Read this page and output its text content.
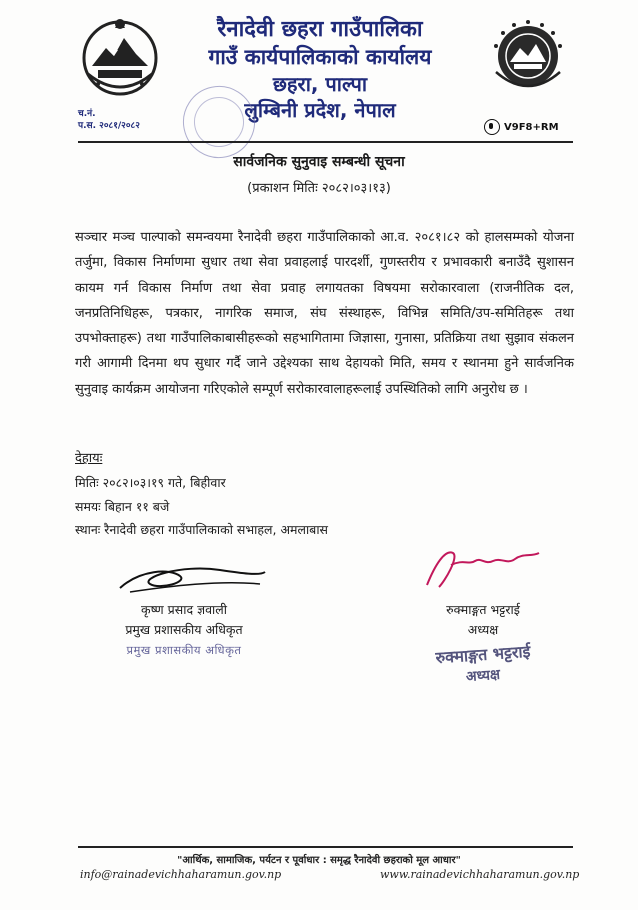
रैनादेवी छहरा गाउँपालिका
गाउँ कार्यपालिकाको कार्यालय
छहरा, पाल्पा
लुम्बिनी प्रदेश, नेपाल
च.नं.
प.स. २०८१/२०८२	V9F8+RM
सार्वजनिक सुनुवाइ सम्बन्धी सूचना
(प्रकाशन मितिः २०८२।०३।१३)
सञ्चार मञ्च पाल्पाको समन्वयमा रैनादेवी छहरा गाउँपालिकाको आ.व. २०८१।८२ को हालसम्मको योजना तर्जुमा, विकास निर्माणमा सुधार तथा सेवा प्रवाहलाई पारदर्शी, गुणस्तरीय र प्रभावकारी बनाउँदै सुशासन कायम गर्न विकास निर्माण तथा सेवा प्रवाह लगायतका विषयमा सरोकारवाला (राजनीतिक दल, जनप्रतिनिधिहरू, पत्रकार, नागरिक समाज, संघ संस्थाहरू, विभिन्न समिति/उप-समितिहरू तथा उपभोक्ताहरू) तथा गाउँपालिकाबासीहरूको सहभागितामा जिज्ञासा, गुनासा, प्रतिक्रिया तथा सुझाव संकलन गरी आगामी दिनमा थप सुधार गर्दै जाने उद्देश्यका साथ देहायको मिति, समय र स्थानमा हुने सार्वजनिक सुनुवाइ कार्यक्रम आयोजना गरिएकोले सम्पूर्ण सरोकारवालाहरूलाई उपस्थितिको लागि अनुरोध छ ।
देहायः
मितिः २०८२।०३।१९ गते, बिहीवार
समयः बिहान ११ बजे
स्थानः रैनादेवी छहरा गाउँपालिकाको सभाहल, अमलाबास
कृष्ण प्रसाद ज्ञवाली
प्रमुख प्रशासकीय अधिकृत
प्रमुख प्रशासकीय अधिकृत
रुक्माङ्गत भट्टराई
अध्यक्ष
रुक्माङ्गत भट्टराई
अध्यक्ष
"आर्थिक, सामाजिक, पर्यटन र पूर्वाधार : समृद्ध रैनादेवी छहराको मूल आधार"
info@rainadevichhaharamun.gov.np	www.rainadevichhaharamun.gov.np
